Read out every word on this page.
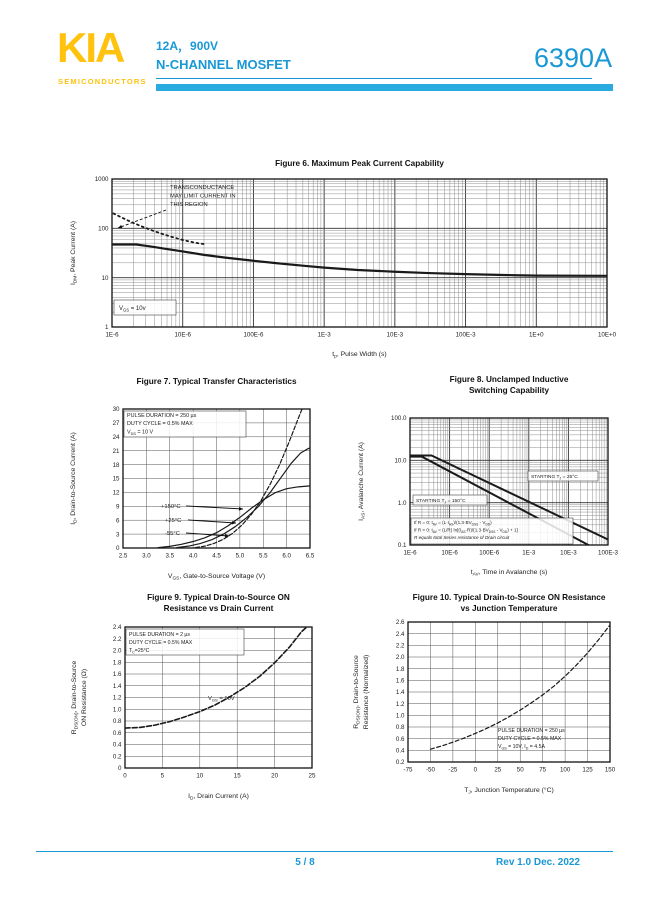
KIA
SEMICONDUCTORS
12A，900V
N-CHANNEL MOSFET	6390A
TRANSCONDUCTANCE
MAY LIMIT CURRENT IN
THIS REGION
$V_{GS} = 10v$
1E-6	10E-6	100E-6	1E-3	10E-3	100E-3	1E+0	10E+0
1
10
100
1000
$t_p$, Pulse Width (s)
$I_{DM}$, Peak Current (A)
Figure 6. Maximum Peak Current Capability
PULSE DURATION = 250 µs
DUTY CYCLE = 0.5% MAX
$V_{DS} = 10$ V
+150°C
+25°C
-55°C
2.5 3.0 3.5 4.0 4.5 5.0 5.5 6.0 6.5
0
3
6
9
12
15
18
21
24
27
30
$V_{GS}$, Gate-to-Source Voltage (V)
$I_D$, Drain-to-Source Current (A)
Figure 7. Typical Transfer Characteristics
STARTING $T_J = 150^\circ C$
STARTING $T_J = 25^\circ C$
If R = 0: $t_{AV} = (L\cdot I_{AS})/(1.3\cdot BV_{DSS} - V_{DD})$
If R > 0: $t_{AV} = (L/R)$ $\ln[(I_{AS}\cdot R)/(1.3\cdot BV_{DSS} - V_{DD}) + 1]$
R equals total Series resistance of Drain circuit
1E-6	10E-6	100E-6	1E-3	10E-3	100E-3
0.1
1.0
10.0
100.0
$t_{AV}$, Time in Avalanche (s)
$I_{AS}$, Avalanche Current (A)
Figure 8. Unclamped Inductive
Switching Capability
PULSE DURATION = 2 µs
DUTY CYCLE = 0.5% MAX
$T_C=25^\circ C$
$V_{GS} = 10V$
0	5	10	15	20	25
0
0.2
0.4
0.6
0.8
1.0
1.2
1.4
1.6
1.8
2.0
2.2
2.4
$I_D$, Drain Current (A)
$R_{DS(ON)}$, Drain-to-Source ON Resistance (Ω)
Figure 9. Typical Drain-to-Source ON
Resistance vs Drain Current
PULSE DURATION = 250 µs
DUTY CYCLE = 0.5% MAX
$V_{GS} = 10V$, $I_D = 4.5A$
-75 -50 -25	0	25	50	75 100 125 150
0.2
0.4
0.6
0.8
1.0
1.2
1.4
1.6
1.8
2.0
2.2
2.4
2.6
$T_J$, Junction Temperature (°C)
$R_{DS(ON)}$, Drain-to-Source Resistance (Normalized)
Figure 10. Typical Drain-to-Source ON Resistance
vs Junction Temperature
5 / 8	Rev 1.0 Dec. 2022
